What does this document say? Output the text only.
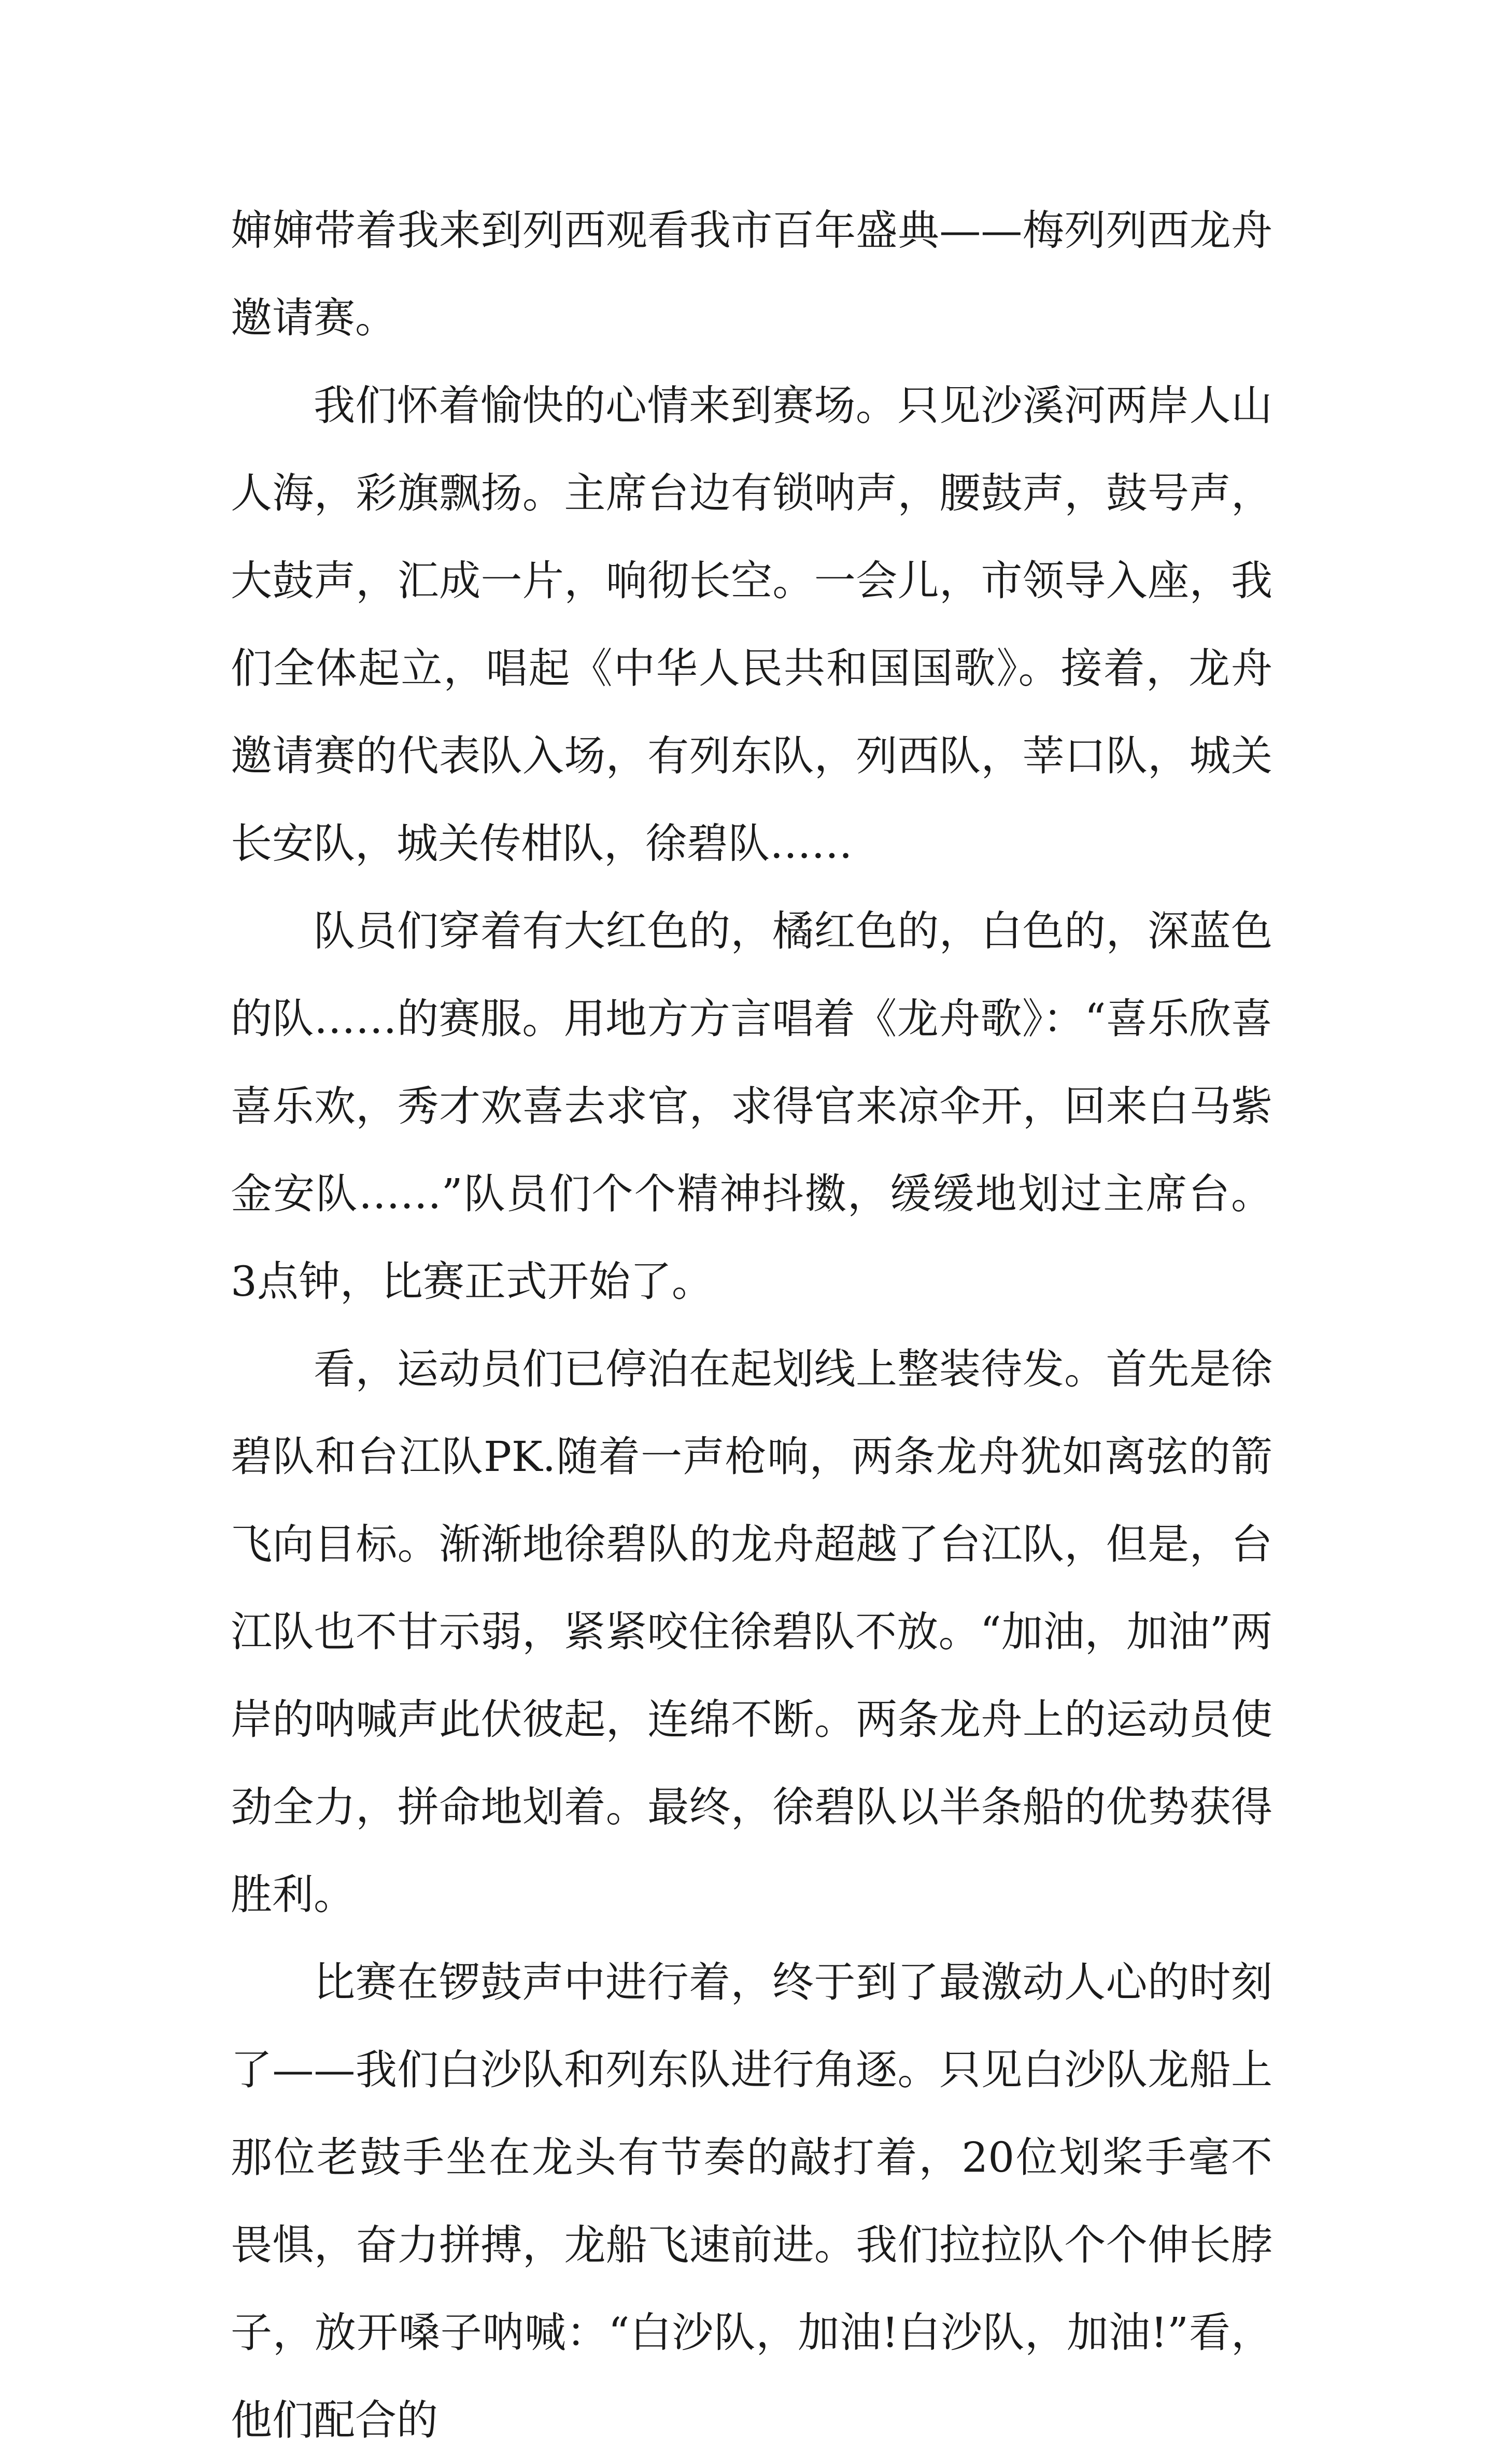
婶婶带着我来到列西观看我市百年盛典——梅列列西龙舟邀请赛。

我们怀着愉快的心情来到赛场。只见沙溪河两岸人山人海，彩旗飘扬。主席台边有锁呐声，腰鼓声，鼓号声，大鼓声，汇成一片，响彻长空。一会儿，市领导入座，我们全体起立，唱起《中华人民共和国国歌》。接着，龙舟邀请赛的代表队入场，有列东队，列西队，莘口队，城关长安队，城关传柑队，徐碧队……

队员们穿着有大红色的，橘红色的，白色的，深蓝色的队……的赛服。用地方方言唱着《龙舟歌》：“喜乐欣喜喜乐欢，秀才欢喜去求官，求得官来凉伞开，回来白马紫金安队……”队员们个个精神抖擞，缓缓地划过主席台。3点钟，比赛正式开始了。

看，运动员们已停泊在起划线上整装待发。首先是徐碧队和台江队PK.随着一声枪响，两条龙舟犹如离弦的箭飞向目标。渐渐地徐碧队的龙舟超越了台江队，但是，台江队也不甘示弱，紧紧咬住徐碧队不放。“加油，加油”两岸的呐喊声此伏彼起，连绵不断。两条龙舟上的运动员使劲全力，拼命地划着。最终，徐碧队以半条船的优势获得胜利。

比赛在锣鼓声中进行着，终于到了最激动人心的时刻了——我们白沙队和列东队进行角逐。只见白沙队龙船上那位老鼓手坐在龙头有节奏的敲打着，20位划桨手毫不畏惧，奋力拼搏，龙船飞速前进。我们拉拉队个个伸长脖子，放开嗓子呐喊：“白沙队，加油!白沙队，加油!”看，他们配合的
